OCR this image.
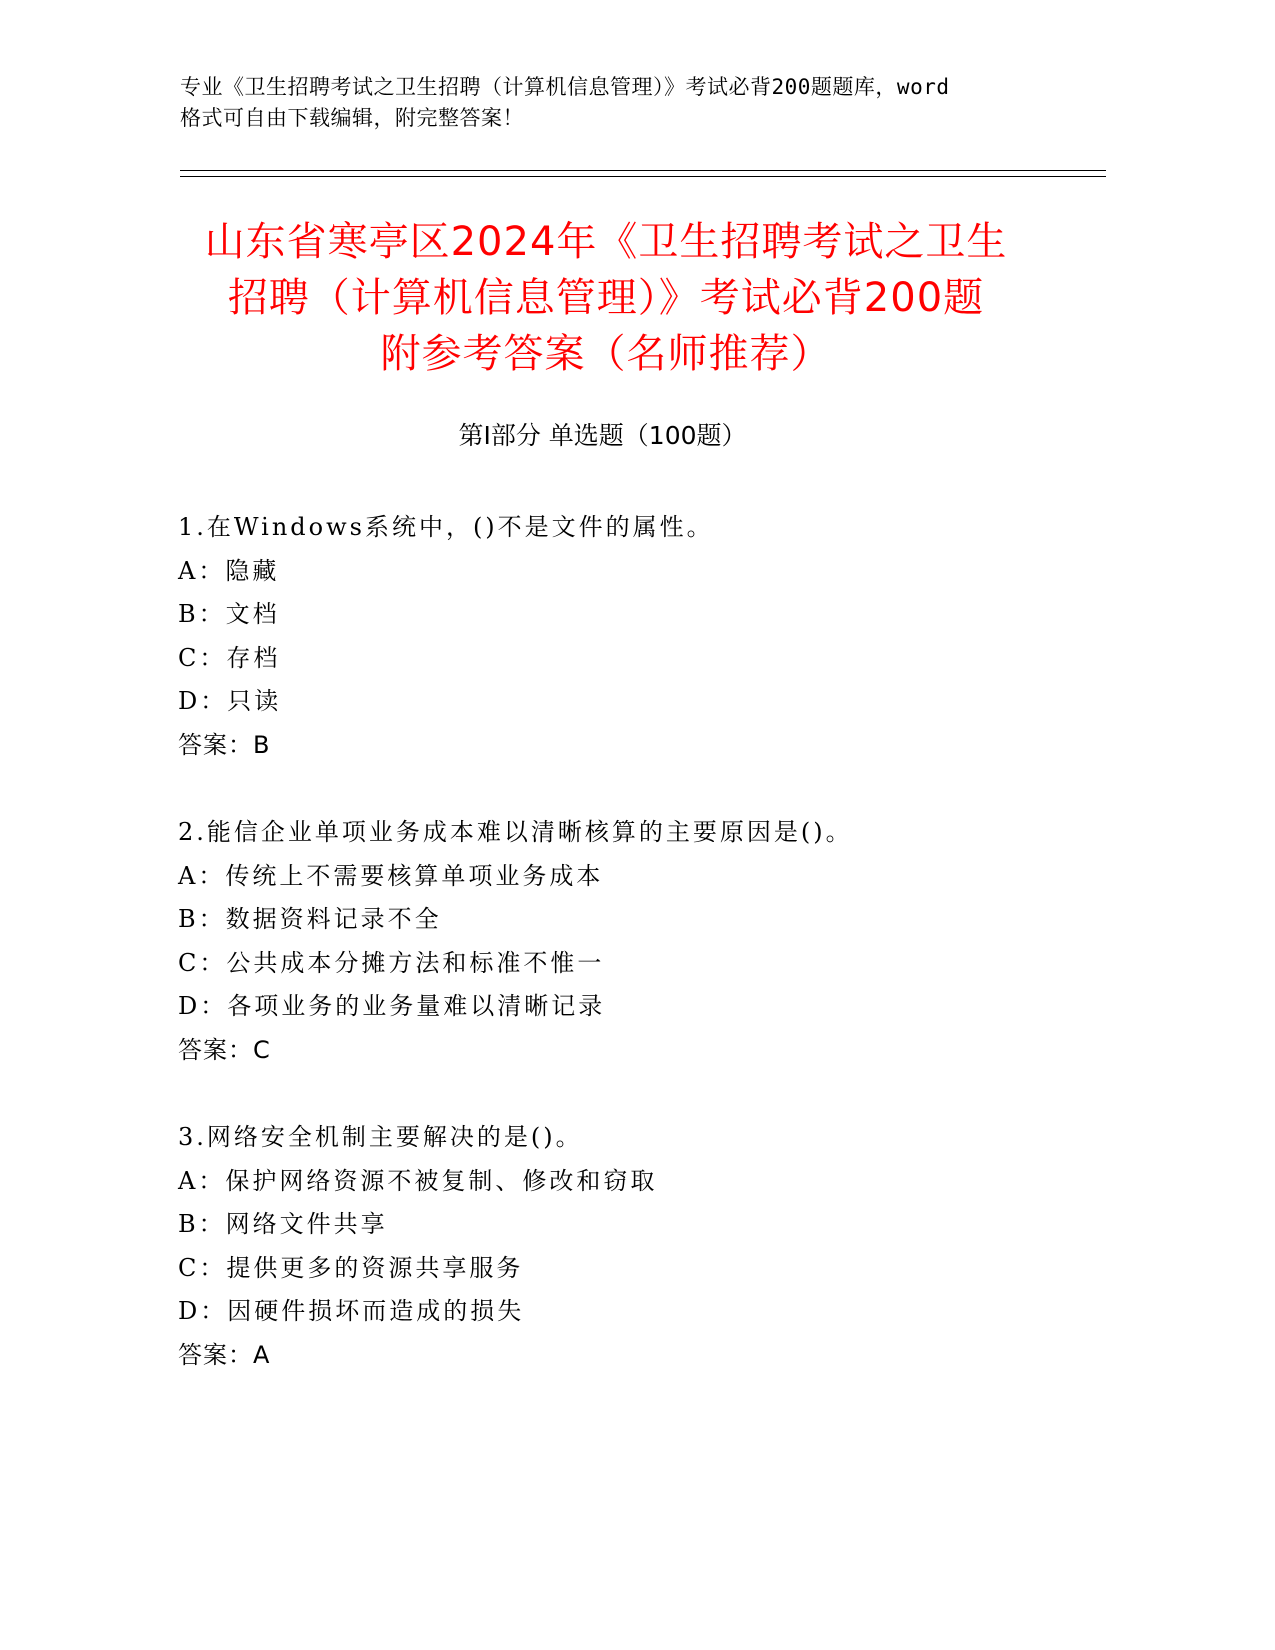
专业《卫生招聘考试之卫生招聘（计算机信息管理）》考试必背200题题库，word
格式可自由下载编辑，附完整答案！
山东省寒亭区2024年《卫生招聘考试之卫生
招聘（计算机信息管理）》考试必背200题
附参考答案（名师推荐）
第Ⅰ部分 单选题（100题）
1.在Windows系统中，()不是文件的属性。
A：隐藏
B：文档
C：存档
D：只读
答案：B
2.能信企业单项业务成本难以清晰核算的主要原因是()。
A：传统上不需要核算单项业务成本
B：数据资料记录不全
C：公共成本分摊方法和标准不惟一
D：各项业务的业务量难以清晰记录
答案：C
3.网络安全机制主要解决的是()。
A：保护网络资源不被复制、修改和窃取
B：网络文件共享
C：提供更多的资源共享服务
D：因硬件损坏而造成的损失
答案：A
